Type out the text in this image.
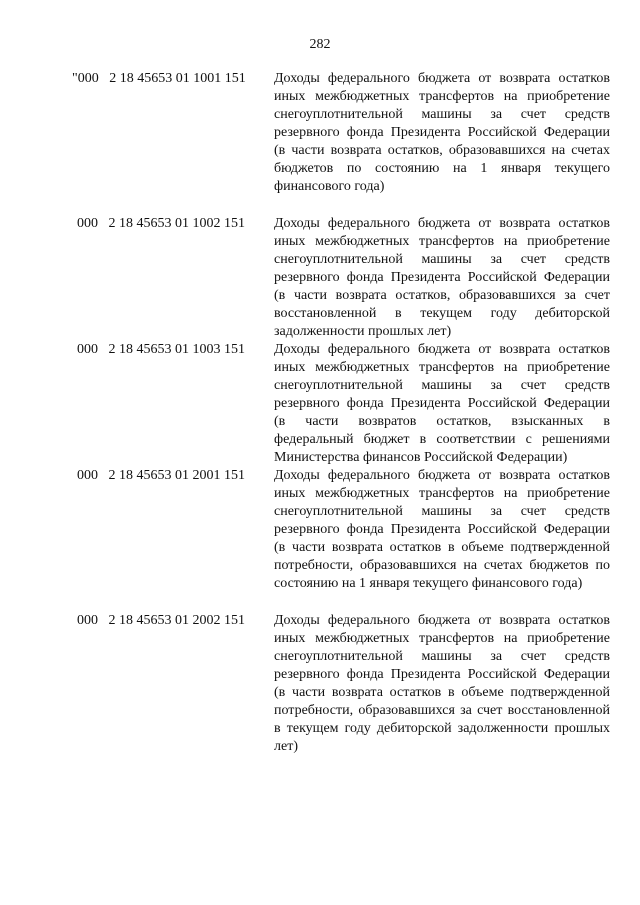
282
"000   2 18 45653 01 1001 151 Доходы федерального бюджета от возврата остатков иных межбюджетных трансфертов на приобретение снегоуплотнительной машины за счет средств резервного фонда Президента Российской Федерации (в части возврата остатков, образовавшихся на счетах бюджетов по состоянию на 1 января текущего финансового года)
000   2 18 45653 01 1002 151 Доходы федерального бюджета от возврата остатков иных межбюджетных трансфертов на приобретение снегоуплотнительной машины за счет средств резервного фонда Президента Российской Федерации (в части возврата остатков, образовавшихся за счет восстановленной в текущем году дебиторской задолженности прошлых лет)
000   2 18 45653 01 1003 151 Доходы федерального бюджета от возврата остатков иных межбюджетных трансфертов на приобретение снегоуплотнительной машины за счет средств резервного фонда Президента Российской Федерации (в части возвратов остатков, взысканных в федеральный бюджет в соответствии с решениями Министерства финансов Российской Федерации)
000   2 18 45653 01 2001 151 Доходы федерального бюджета от возврата остатков иных межбюджетных трансфертов на приобретение снегоуплотнительной машины за счет средств резервного фонда Президента Российской Федерации (в части возврата остатков в объеме подтвержденной потребности, образовавшихся на счетах бюджетов по состоянию на 1 января текущего финансового года)
000   2 18 45653 01 2002 151 Доходы федерального бюджета от возврата остатков иных межбюджетных трансфертов на приобретение снегоуплотнительной машины за счет средств резервного фонда Президента Российской Федерации (в части возврата остатков в объеме подтвержденной потребности, образовавшихся за счет восстановленной в текущем году дебиторской задолженности прошлых лет)
